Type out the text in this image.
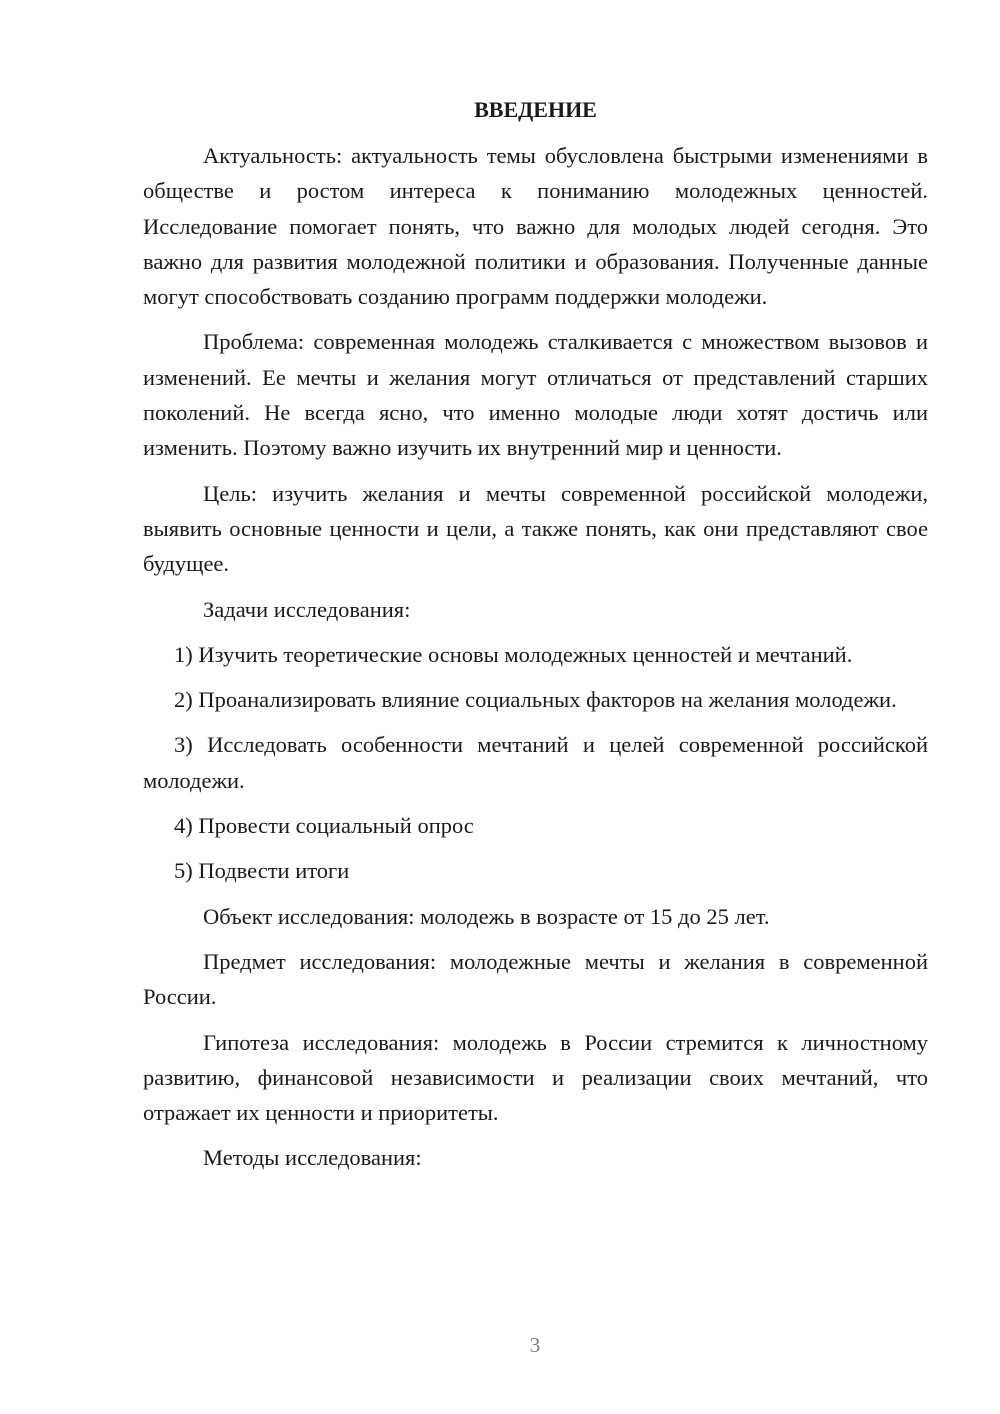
ВВЕДЕНИЕ

Актуальность: актуальность темы обусловлена быстрыми изменениями в обществе и ростом интереса к пониманию молодежных ценностей. Исследование помогает понять, что важно для молодых людей сегодня. Это важно для развития молодежной политики и образования. Полученные данные могут способствовать созданию программ поддержки молодежи.

Проблема: современная молодежь сталкивается с множеством вызовов и изменений. Ее мечты и желания могут отличаться от представлений старших поколений. Не всегда ясно, что именно молодые люди хотят достичь или изменить. Поэтому важно изучить их внутренний мир и ценности.

Цель: изучить желания и мечты современной российской молодежи, выявить основные ценности и цели, а также понять, как они представляют свое будущее.

Задачи исследования:

1) Изучить теоретические основы молодежных ценностей и мечтаний.

2) Проанализировать влияние социальных факторов на желания молодежи.

3) Исследовать особенности мечтаний и целей современной российской молодежи.

4) Провести социальный опрос

5) Подвести итоги

Объект исследования: молодежь в возрасте от 15 до 25 лет.

Предмет исследования: молодежные мечты и желания в современной России.

Гипотеза исследования: молодежь в России стремится к личностному развитию, финансовой независимости и реализации своих мечтаний, что отражает их ценности и приоритеты.

Методы исследования:

3
